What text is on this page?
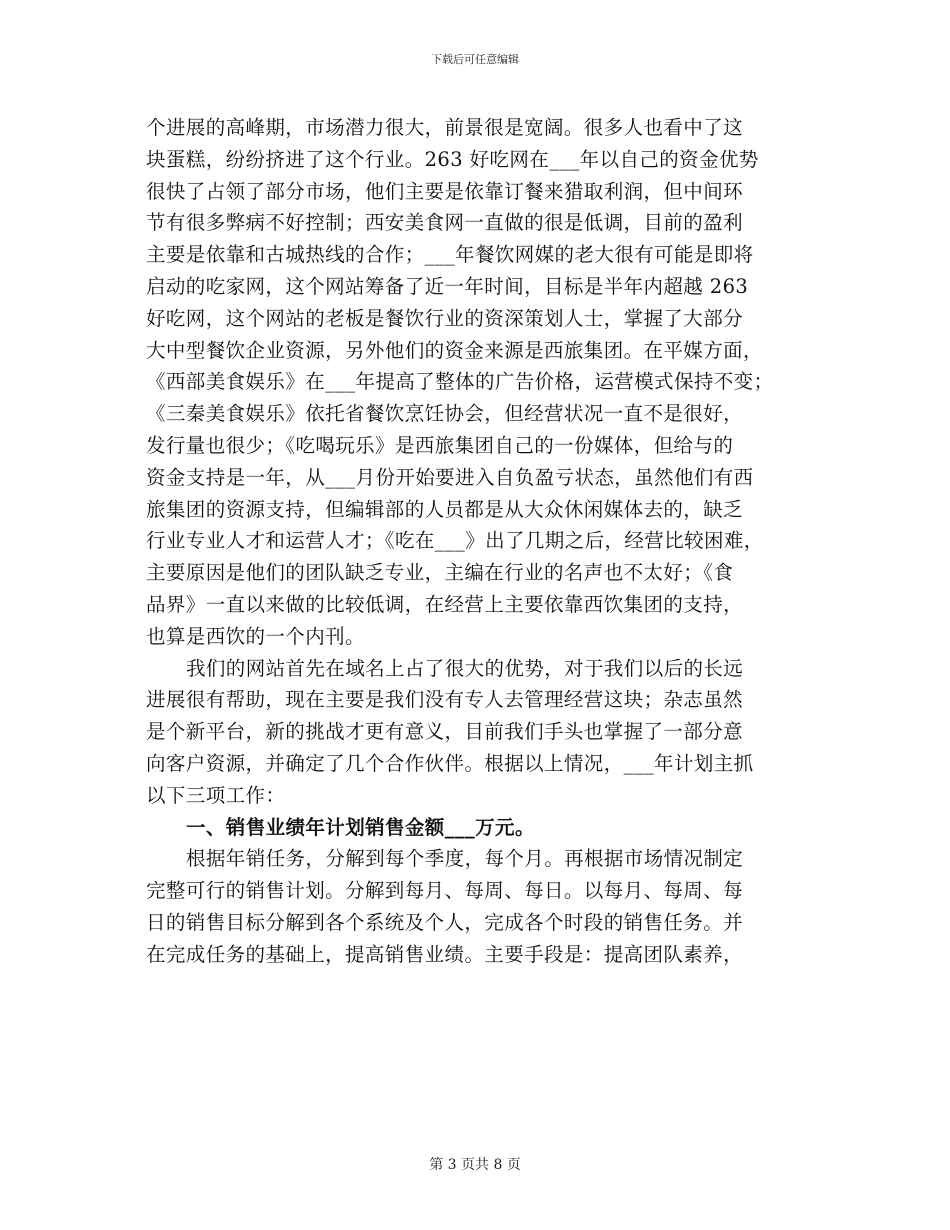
下载后可任意编辑
个进展的高峰期，市场潜力很大，前景很是宽阔。很多人也看中了这
块蛋糕，纷纷挤进了这个行业。263 好吃网在___年以自己的资金优势
很快了占领了部分市场，他们主要是依靠订餐来猎取利润，但中间环
节有很多弊病不好控制；西安美食网一直做的很是低调，目前的盈利
主要是依靠和古城热线的合作；___年餐饮网媒的老大很有可能是即将
启动的吃家网，这个网站筹备了近一年时间，目标是半年内超越 263
好吃网，这个网站的老板是餐饮行业的资深策划人士，掌握了大部分
大中型餐饮企业资源，另外他们的资金来源是西旅集团。在平媒方面，
《西部美食娱乐》在___年提高了整体的广告价格，运营模式保持不变；
《三秦美食娱乐》依托省餐饮烹饪协会，但经营状况一直不是很好，
发行量也很少；《吃喝玩乐》是西旅集团自己的一份媒体，但给与的
资金支持是一年，从___月份开始要进入自负盈亏状态，虽然他们有西
旅集团的资源支持，但编辑部的人员都是从大众休闲媒体去的，缺乏
行业专业人才和运营人才；《吃在___》出了几期之后，经营比较困难，
主要原因是他们的团队缺乏专业，主编在行业的名声也不太好；《食
品界》一直以来做的比较低调，在经营上主要依靠西饮集团的支持，
也算是西饮的一个内刊。
我们的网站首先在域名上占了很大的优势，对于我们以后的长远
进展很有帮助，现在主要是我们没有专人去管理经营这块；杂志虽然
是个新平台，新的挑战才更有意义，目前我们手头也掌握了一部分意
向客户资源，并确定了几个合作伙伴。根据以上情况，___年计划主抓
以下三项工作：
一、销售业绩年计划销售金额___万元。
根据年销任务，分解到每个季度，每个月。再根据市场情况制定
完整可行的销售计划。分解到每月、每周、每日。以每月、每周、每
日的销售目标分解到各个系统及个人，完成各个时段的销售任务。并
在完成任务的基础上，提高销售业绩。主要手段是：提高团队素养，
第 3 页共 8 页
